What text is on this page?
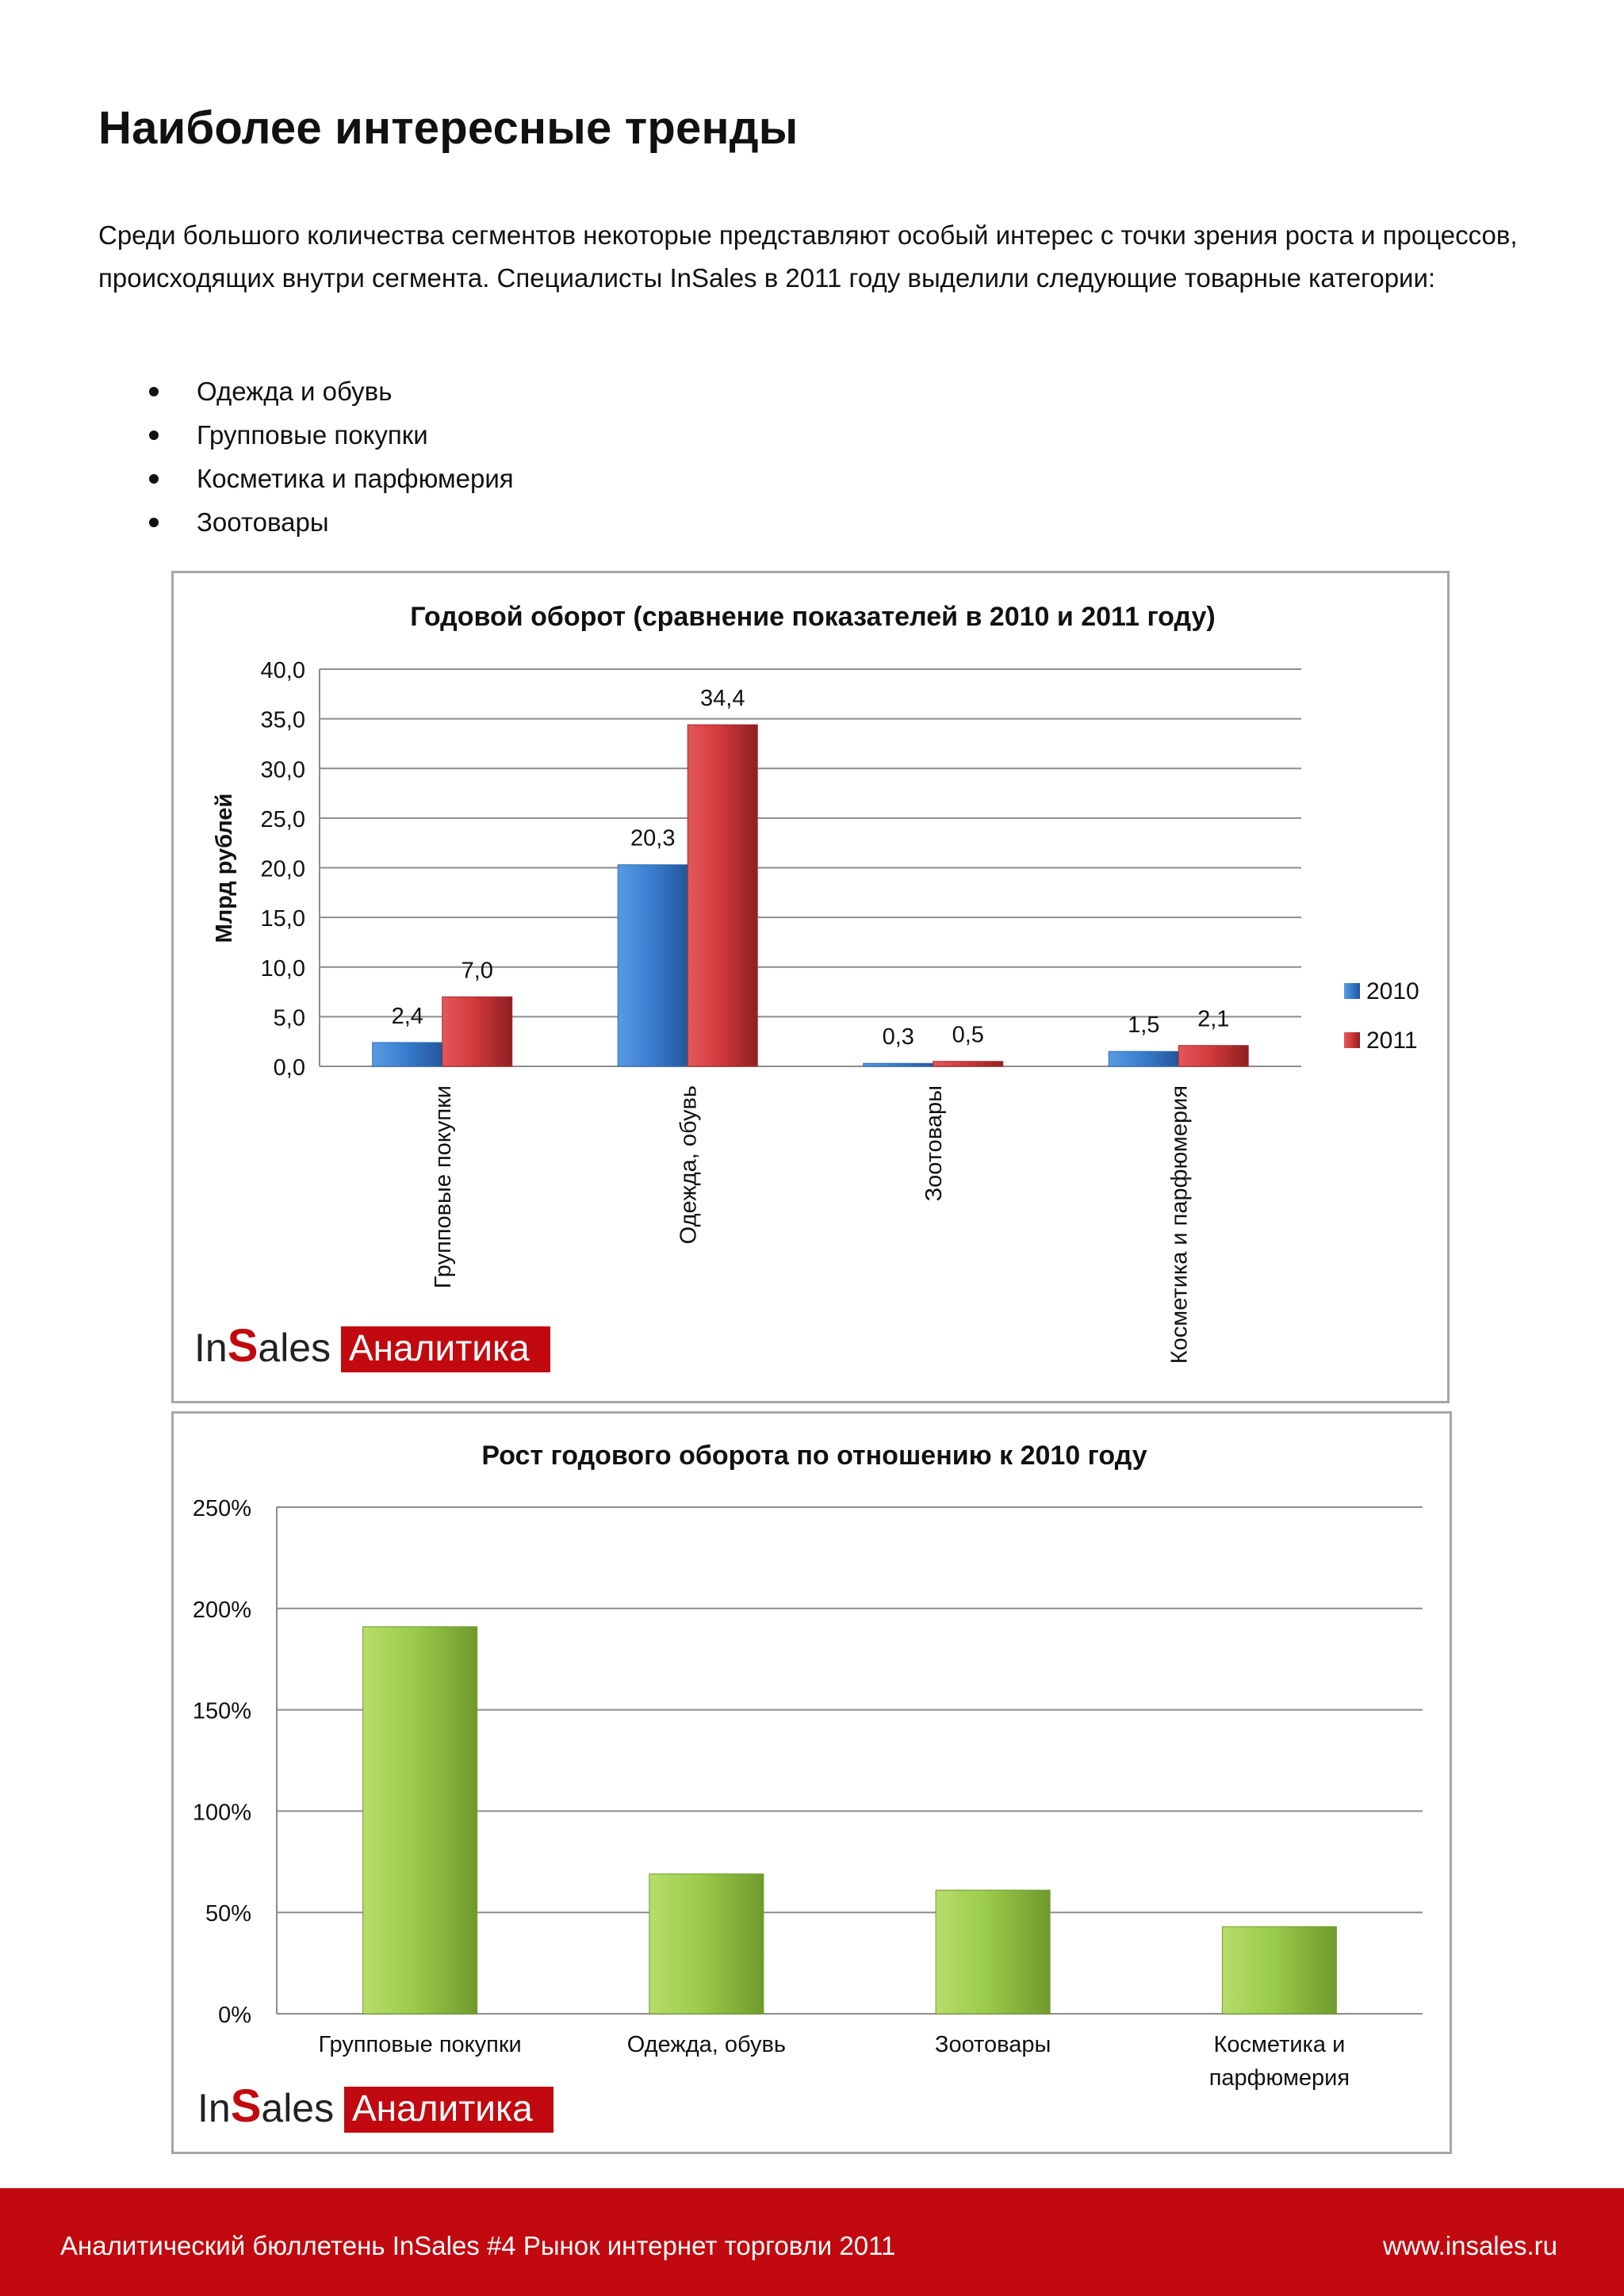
Наиболее интересные тренды
Среди большого количества сегментов некоторые представляют особый интерес с точки зрения роста и процессов, происходящих внутри сегмента. Специалисты InSales в 2011 году выделили следующие товарные категории:
Одежда и обувь
Групповые покупки
Косметика и парфюмерия
Зоотовары
Годовой оборот (сравнение показателей в 2010 и 2011 году)
0,0
5,0
10,0
15,0
20,0
25,0
30,0
35,0
40,0
Млрд рублей
2,4
7,0
Групповые покупки
20,3
34,4
Одежда, обувь
0,3 0,5
Зоотовары
1,5 2,1
Косметика и парфюмерия
2010
2011
InSales Аналитика
Рост годового оборота по отношению к 2010 году
0%
50%
100%
150%
200%
250%
Групповые покупки	Одежда, обувь	Зоотовары	Косметика и
парфюмерия
InSales Аналитика
Аналитический бюллетень InSales #4 Рынок интернет торговли 2011	www.insales.ru
